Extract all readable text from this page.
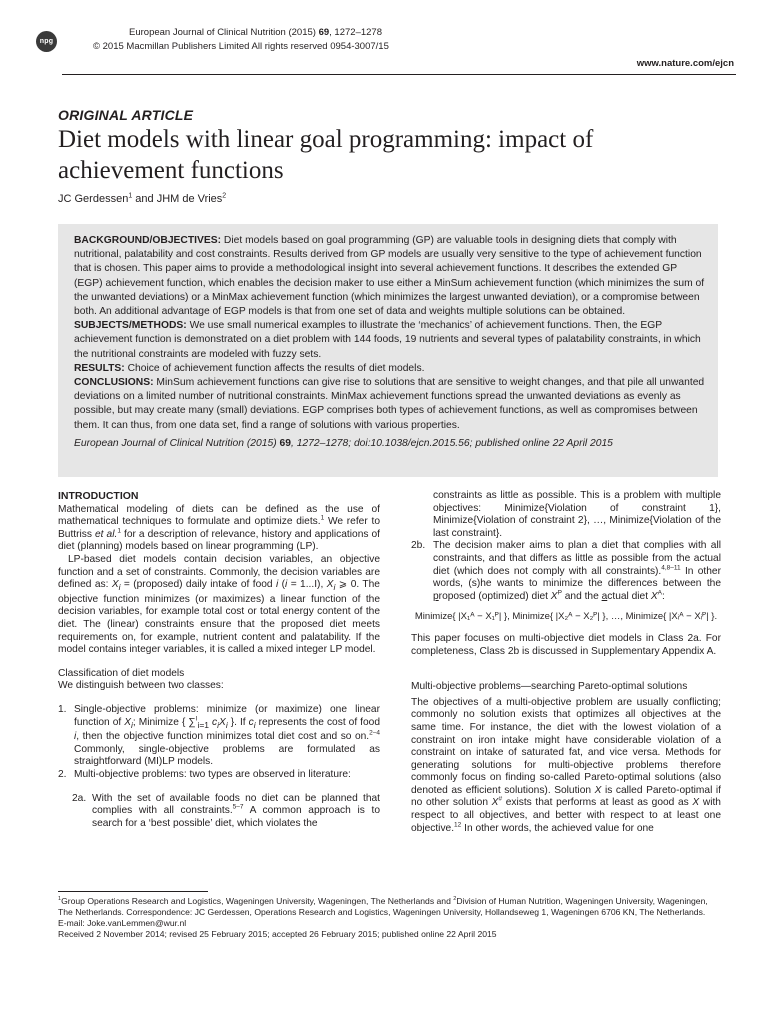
npg
European Journal of Clinical Nutrition (2015) 69, 1272–1278
© 2015 Macmillan Publishers Limited All rights reserved 0954-3007/15
www.nature.com/ejcn
ORIGINAL ARTICLE
Diet models with linear goal programming: impact of achievement functions
JC Gerdessen$^1$ and JHM de Vries$^2$

BACKGROUND/OBJECTIVES: Diet models based on goal programming (GP) are valuable tools in designing diets that comply with nutritional, palatability and cost constraints. Results derived from GP models are usually very sensitive to the type of achievement function that is chosen. This paper aims to provide a methodological insight into several achievement functions. It describes the extended GP (EGP) achievement function, which enables the decision maker to use either a MinSum achievement function (which minimizes the sum of the unwanted deviations) or a MinMax achievement function (which minimizes the largest unwanted deviation), or a compromise between both. An additional advantage of EGP models is that from one set of data and weights multiple solutions can be obtained.

SUBJECTS/METHODS: We use small numerical examples to illustrate the ‘mechanics’ of achievement functions. Then, the EGP achievement function is demonstrated on a diet problem with 144 foods, 19 nutrients and several types of palatability constraints, in which the nutritional constraints are modeled with fuzzy sets.

RESULTS: Choice of achievement function affects the results of diet models.

CONCLUSIONS: MinSum achievement functions can give rise to solutions that are sensitive to weight changes, and that pile all unwanted deviations on a limited number of nutritional constraints. MinMax achievement functions spread the unwanted deviations as evenly as possible, but may create many (small) deviations. EGP comprises both types of achievement functions, as well as compromises between them. It can thus, from one data set, find a range of solutions with various properties.

European Journal of Clinical Nutrition (2015) 69, 1272–1278; doi:10.1038/ejcn.2015.56; published online 22 April 2015

INTRODUCTION

Mathematical modeling of diets can be defined as the use of mathematical techniques to formulate and optimize diets.$^1$ We refer to Buttriss et al.$^1$ for a description of relevance, history and applications of diet (planning) models based on linear programming (LP).

LP-based diet models contain decision variables, an objective function and a set of constraints. Commonly, the decision variables are defined as: $X_i$ = (proposed) daily intake of food i (i = 1...I), $X_i$ ⩾ 0. The objective function minimizes (or maximizes) a linear function of the decision variables, for example total cost or total energy content of the diet. The (linear) constraints ensure that the proposed diet meets requirements on, for example, nutrient content and palatability. If the model contains integer variables, it is called a mixed integer LP model.

Classification of diet models

We distinguish between two classes:

1. Single-objective problems: minimize (or maximize) one linear function of $X_i$; Minimize { ∑$^I_{i=1}$ $c_iX_i$ }. If $c_i$ represents the cost of food i, then the objective function minimizes total diet cost and so on.$^{2-4}$ Commonly, single-objective problems are formulated as straightforward (MI)LP models.
2. Multi-objective problems: two types are observed in literature:
2a. With the set of available foods no diet can be planned that complies with all constraints.$^{5-7}$ A common approach is to search for a ‘best possible’ diet, which violates the

constraints as little as possible. This is a problem with multiple objectives: Minimize{Violation of constraint 1}, Minimize{Violation of constraint 2}, …, Minimize{Violation of the last constraint}.

2b. The decision maker aims to plan a diet that complies with all constraints, and that differs as little as possible from the actual diet (which does not comply with all constraints).$^{4,8-11}$ In other words, (s)he wants to minimize the differences between the proposed (optimized) diet $X^P$ and the actual diet $X^A$:
Minimize{ |X₁ᴬ − X₁ᴾ| }, Minimize{ |X₂ᴬ − X₂ᴾ| }, …, Minimize{ |Xᵢᴬ − Xᵢᴾ| }.

This paper focuses on multi-objective diet models in Class 2a. For completeness, Class 2b is discussed in Supplementary Appendix A.

Multi-objective problems—searching Pareto-optimal solutions

The objectives of a multi-objective problem are usually conflicting; commonly no solution exists that optimizes all objectives at the same time. For instance, the diet with the lowest violation of a constraint on iron intake might have considerable violation of a constraint on intake of saturated fat, and vice versa. Methods for generating solutions for multi-objective problems therefore commonly focus on finding so-called Pareto-optimal solutions (also denoted as efficient solutions). Solution X is called Pareto-optimal if no other solution X# exists that performs at least as good as X with respect to all objectives, and better with respect to at least one objective.$^{12}$ In other words, the achieved value for one

$^1$Group Operations Research and Logistics, Wageningen University, Wageningen, The Netherlands and $^2$Division of Human Nutrition, Wageningen University, Wageningen, The Netherlands. Correspondence: JC Gerdessen, Operations Research and Logistics, Wageningen University, Hollandseweg 1, Wageningen 6706 KN, The Netherlands.

E-mail: Joke.vanLemmen@wur.nl

Received 2 November 2014; revised 25 February 2015; accepted 26 February 2015; published online 22 April 2015
